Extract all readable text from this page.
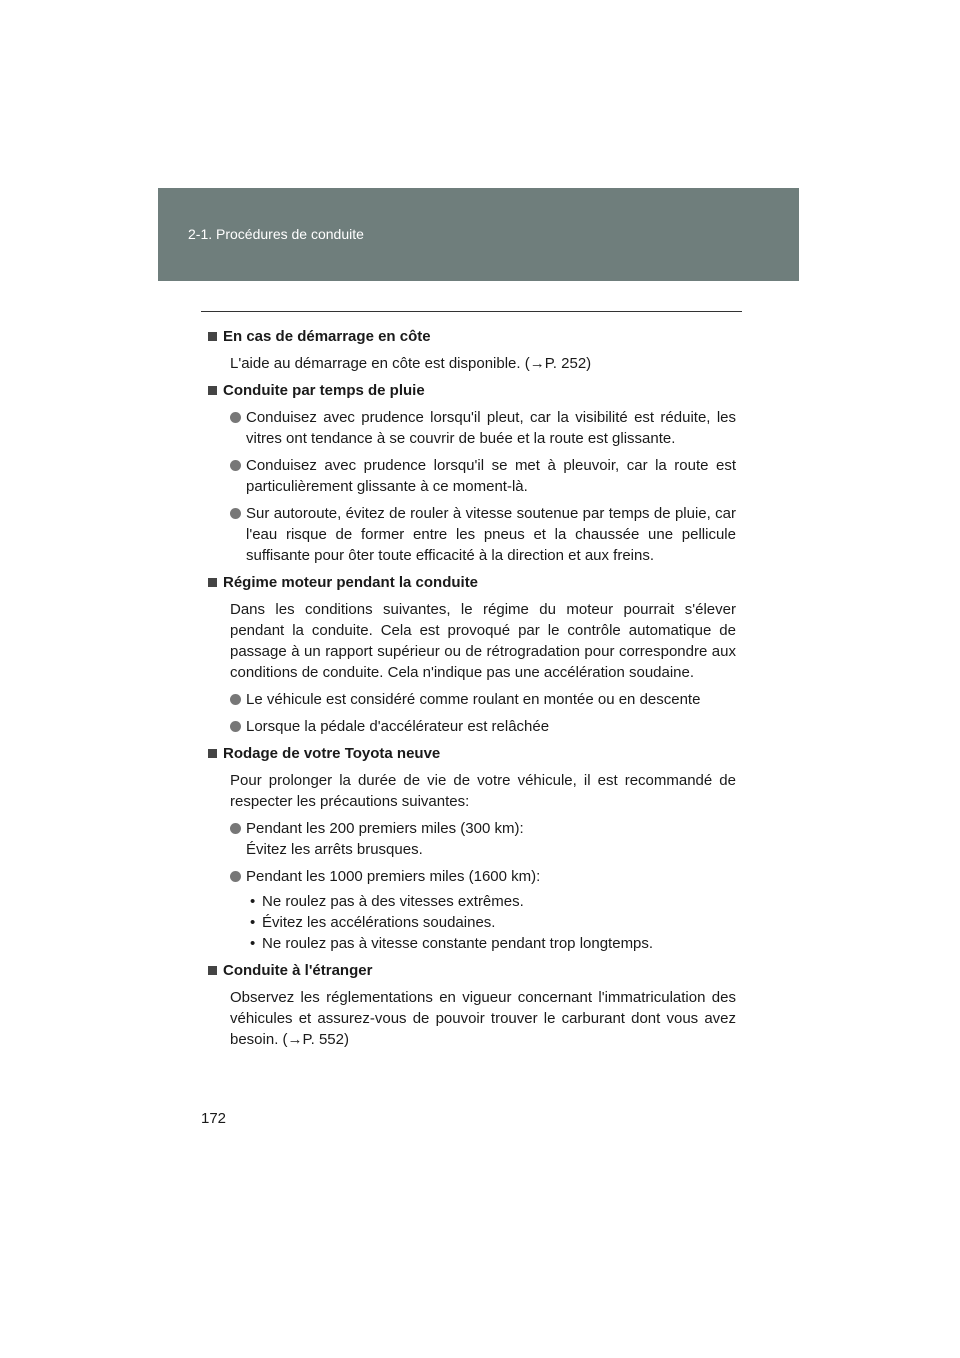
2-1. Procédures de conduite
En cas de démarrage en côte

L'aide au démarrage en côte est disponible. (→P. 252)

Conduite par temps de pluie
Conduisez avec prudence lorsqu'il pleut, car la visibilité est réduite, les vitres ont tendance à se couvrir de buée et la route est glissante.
Conduisez avec prudence lorsqu'il se met à pleuvoir, car la route est particulièrement glissante à ce moment-là.
Sur autoroute, évitez de rouler à vitesse soutenue par temps de pluie, car l'eau risque de former entre les pneus et la chaussée une pellicule suffisante pour ôter toute efficacité à la direction et aux freins.
Régime moteur pendant la conduite

Dans les conditions suivantes, le régime du moteur pourrait s'élever pendant la conduite. Cela est provoqué par le contrôle automatique de passage à un rapport supérieur ou de rétrogradation pour correspondre aux conditions de conduite. Cela n'indique pas une accélération soudaine.

Le véhicule est considéré comme roulant en montée ou en descente
Lorsque la pédale d'accélérateur est relâchée
Rodage de votre Toyota neuve

Pour prolonger la durée de vie de votre véhicule, il est recommandé de respecter les précautions suivantes:

Pendant les 200 premiers miles (300 km):
Évitez les arrêts brusques.
Pendant les 1000 premiers miles (1600 km):
• Ne roulez pas à des vitesses extrêmes.
• Évitez les accélérations soudaines.
• Ne roulez pas à vitesse constante pendant trop longtemps.
Conduite à l'étranger

Observez les réglementations en vigueur concernant l'immatriculation des véhicules et assurez-vous de pouvoir trouver le carburant dont vous avez besoin. (→P. 552)

172
